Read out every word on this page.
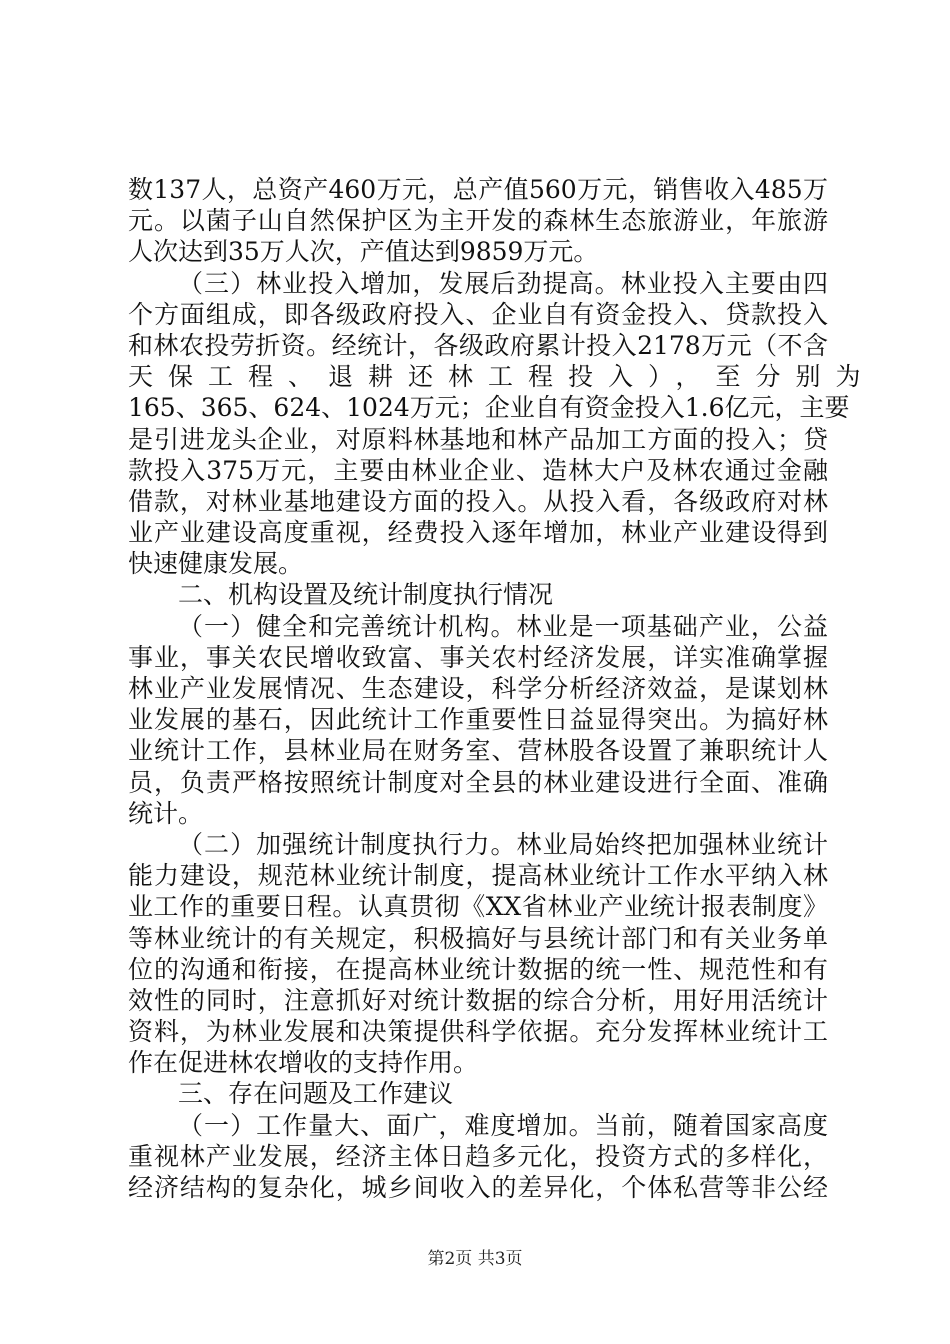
数137人，总资产460万元，总产值560万元，销售收入485万
元。以菌子山自然保护区为主开发的森林生态旅游业，年旅游
人次达到35万人次，产值达到9859万元。
（三）林业投入增加，发展后劲提高。林业投入主要由四
个方面组成，即各级政府投入、企业自有资金投入、贷款投入
和林农投劳折资。经统计，各级政府累计投入2178万元（不含
天保工程、退耕还林工程投入），至分别为
165、365、624、1024万元；企业自有资金投入1.6亿元，主要
是引进龙头企业，对原料林基地和林产品加工方面的投入；贷
款投入375万元，主要由林业企业、造林大户及林农通过金融
借款，对林业基地建设方面的投入。从投入看，各级政府对林
业产业建设高度重视，经费投入逐年增加，林业产业建设得到
快速健康发展。
二、机构设置及统计制度执行情况
（一）健全和完善统计机构。林业是一项基础产业，公益
事业，事关农民增收致富、事关农村经济发展，详实准确掌握
林业产业发展情况、生态建设，科学分析经济效益，是谋划林
业发展的基石，因此统计工作重要性日益显得突出。为搞好林
业统计工作，县林业局在财务室、营林股各设置了兼职统计人
员，负责严格按照统计制度对全县的林业建设进行全面、准确
统计。
（二）加强统计制度执行力。林业局始终把加强林业统计
能力建设，规范林业统计制度，提高林业统计工作水平纳入林
业工作的重要日程。认真贯彻《XX省林业产业统计报表制度》
等林业统计的有关规定，积极搞好与县统计部门和有关业务单
位的沟通和衔接，在提高林业统计数据的统一性、规范性和有
效性的同时，注意抓好对统计数据的综合分析，用好用活统计
资料，为林业发展和决策提供科学依据。充分发挥林业统计工
作在促进林农增收的支持作用。
三、存在问题及工作建议
（一）工作量大、面广，难度增加。当前，随着国家高度
重视林产业发展，经济主体日趋多元化，投资方式的多样化，
经济结构的复杂化，城乡间收入的差异化，个体私营等非公经
第2页 共3页
